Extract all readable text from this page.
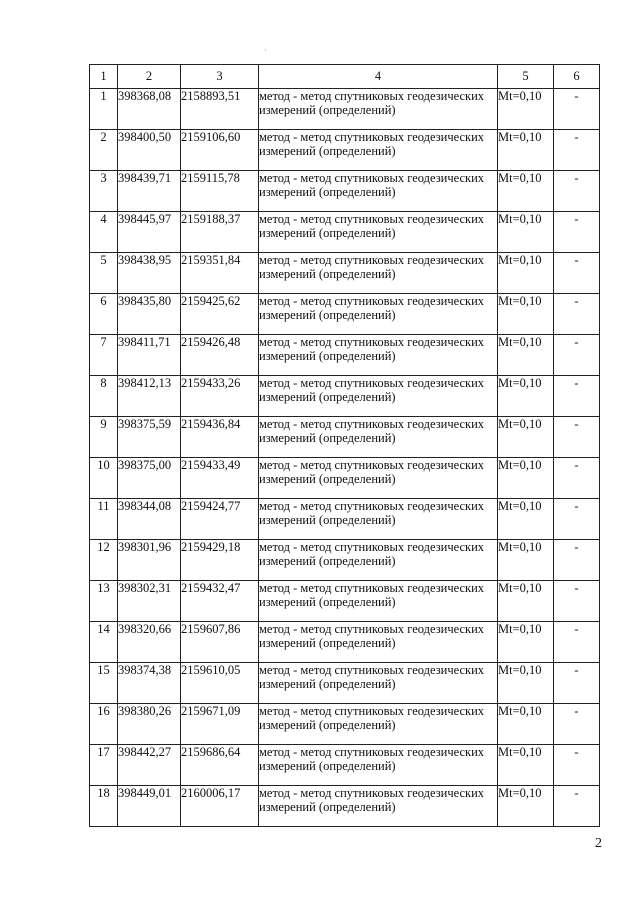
·
1	2	3	4	5	6
1	398368,08	2158893,51	метод - метод спутниковых геодезических измерений (определений)	Mt=0,10	-
2	398400,50	2159106,60	метод - метод спутниковых геодезических измерений (определений)	Mt=0,10	-
3	398439,71	2159115,78	метод - метод спутниковых геодезических измерений (определений)	Mt=0,10	-
4	398445,97	2159188,37	метод - метод спутниковых геодезических измерений (определений)	Mt=0,10	-
5	398438,95	2159351,84	метод - метод спутниковых геодезических измерений (определений)	Mt=0,10	-
6	398435,80	2159425,62	метод - метод спутниковых геодезических измерений (определений)	Mt=0,10	-
7	398411,71	2159426,48	метод - метод спутниковых геодезических измерений (определений)	Mt=0,10	-
8	398412,13	2159433,26	метод - метод спутниковых геодезических измерений (определений)	Mt=0,10	-
9	398375,59	2159436,84	метод - метод спутниковых геодезических измерений (определений)	Mt=0,10	-
10	398375,00	2159433,49	метод - метод спутниковых геодезических измерений (определений)	Mt=0,10	-
11	398344,08	2159424,77	метод - метод спутниковых геодезических измерений (определений)	Mt=0,10	-
12	398301,96	2159429,18	метод - метод спутниковых геодезических измерений (определений)	Mt=0,10	-
13	398302,31	2159432,47	метод - метод спутниковых геодезических измерений (определений)	Mt=0,10	-
14	398320,66	2159607,86	метод - метод спутниковых геодезических измерений (определений)	Mt=0,10	-
15	398374,38	2159610,05	метод - метод спутниковых геодезических измерений (определений)	Mt=0,10	-
16	398380,26	2159671,09	метод - метод спутниковых геодезических измерений (определений)	Mt=0,10	-
17	398442,27	2159686,64	метод - метод спутниковых геодезических измерений (определений)	Mt=0,10	-
18	398449,01	2160006,17	метод - метод спутниковых геодезических измерений (определений)	Mt=0,10	-
2
